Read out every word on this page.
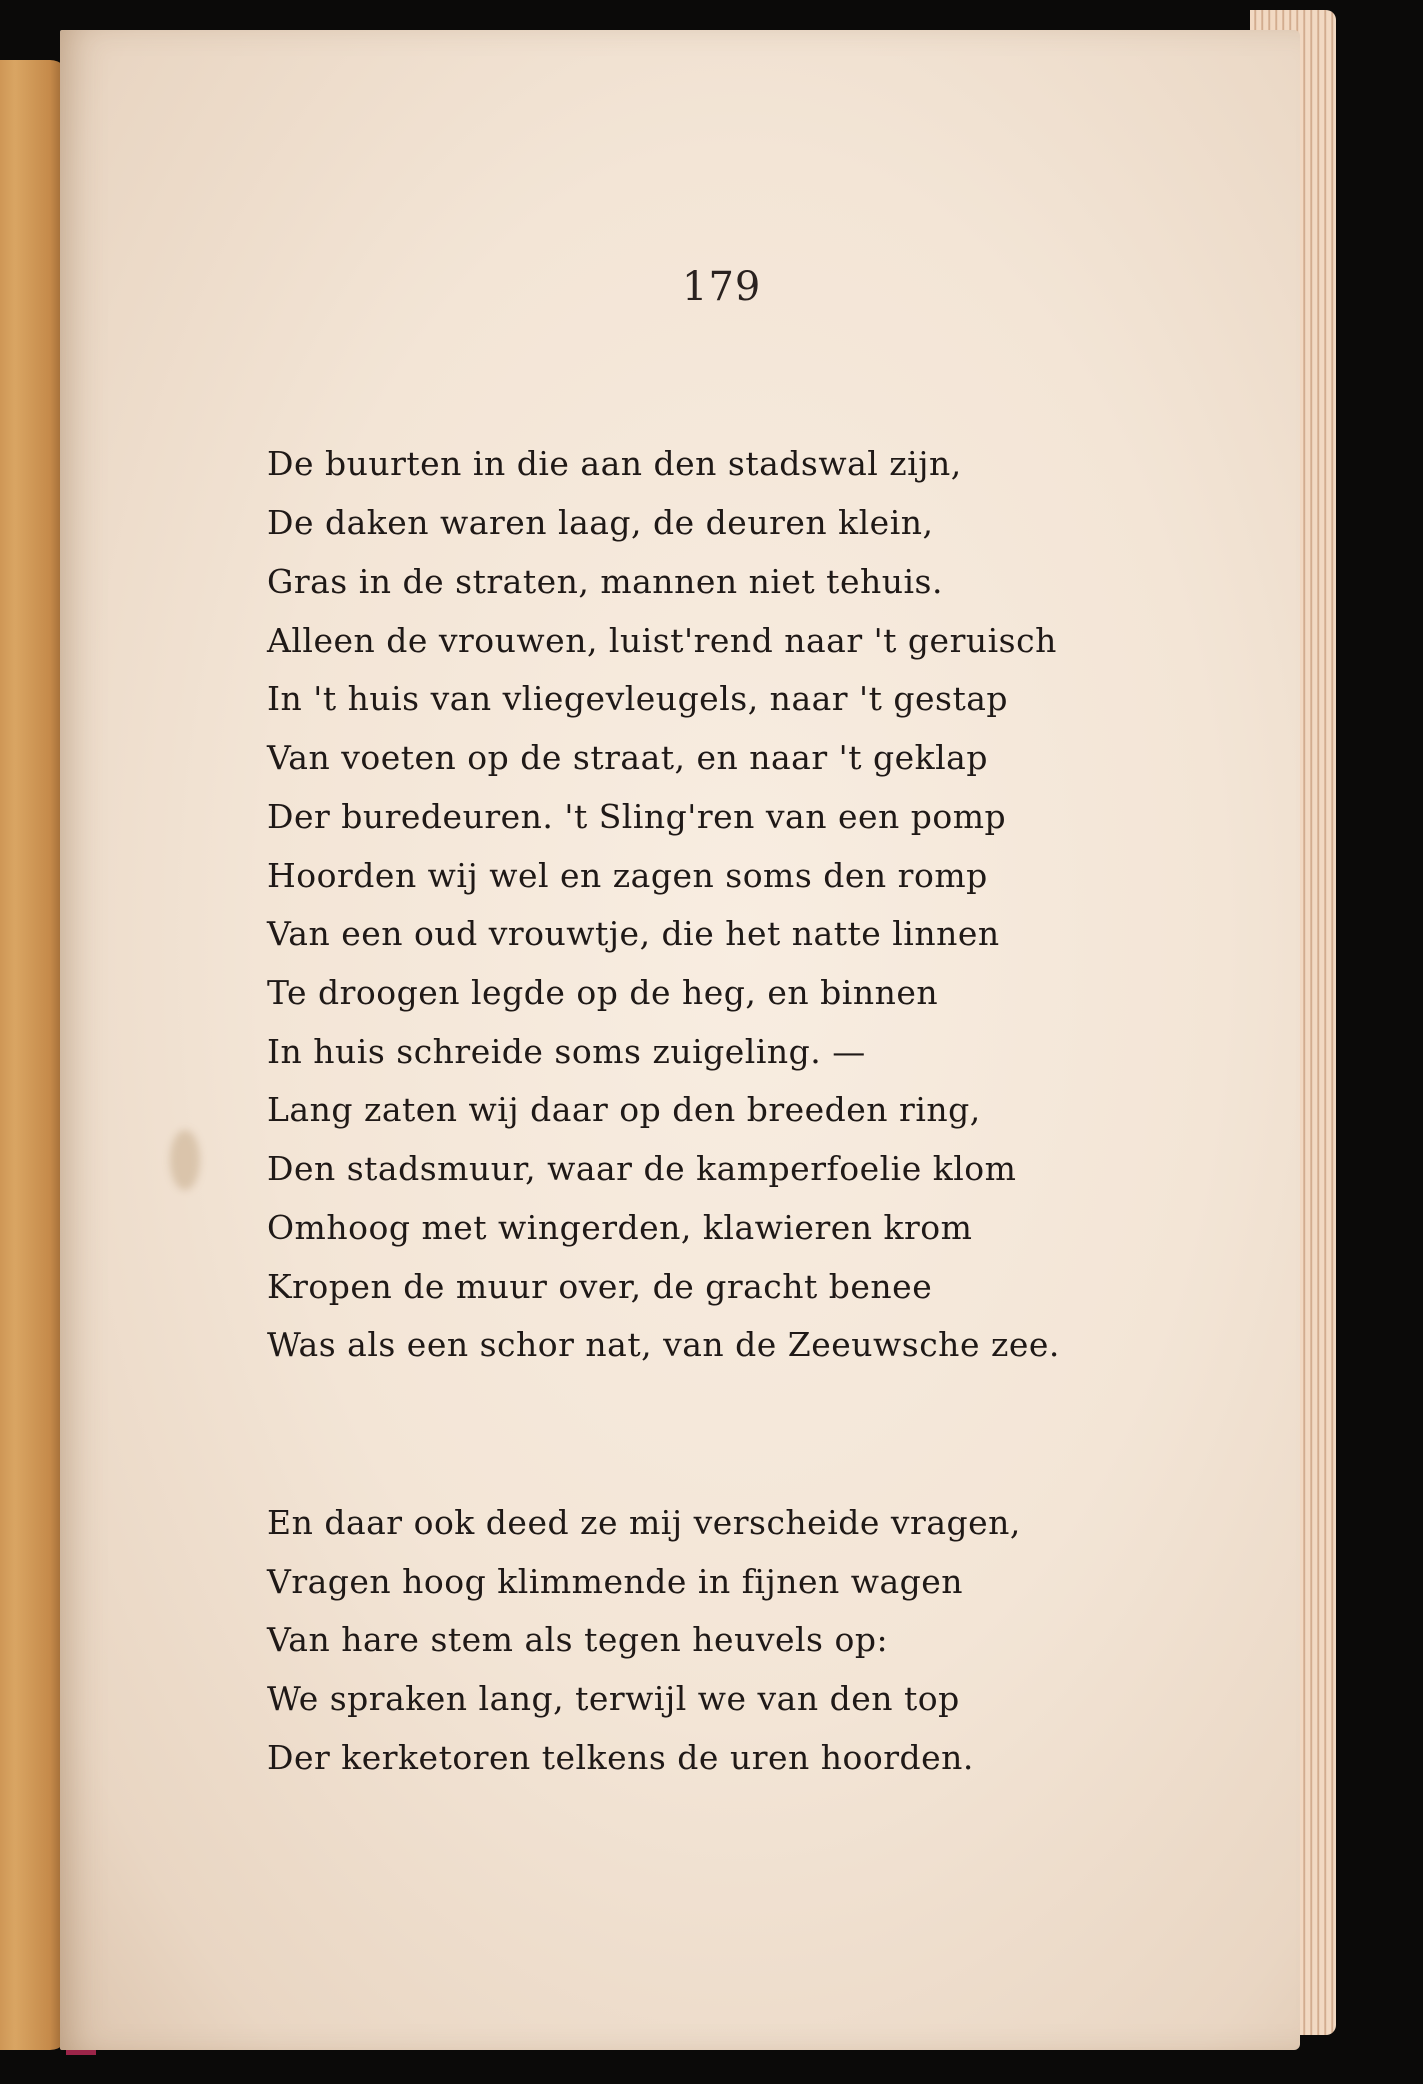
179
De buurten in die aan den stadswal zijn,
De daken waren laag, de deuren klein,
Gras in de straten, mannen niet tehuis.
Alleen de vrouwen, luist'rend naar 't geruisch
In 't huis van vliegevleugels, naar 't gestap
Van voeten op de straat, en naar 't geklap
Der buredeuren. 't Sling'ren van een pomp
Hoorden wij wel en zagen soms den romp
Van een oud vrouwtje, die het natte linnen
Te droogen legde op de heg, en binnen
In huis schreide soms zuigeling. —
Lang zaten wij daar op den breeden ring,
Den stadsmuur, waar de kamperfoelie klom
Omhoog met wingerden, klawieren krom
Kropen de muur over, de gracht benee
Was als een schor nat, van de Zeeuwsche zee.
En daar ook deed ze mij verscheide vragen,
Vragen hoog klimmende in fijnen wagen
Van hare stem als tegen heuvels op:
We spraken lang, terwijl we van den top
Der kerketoren telkens de uren hoorden.
